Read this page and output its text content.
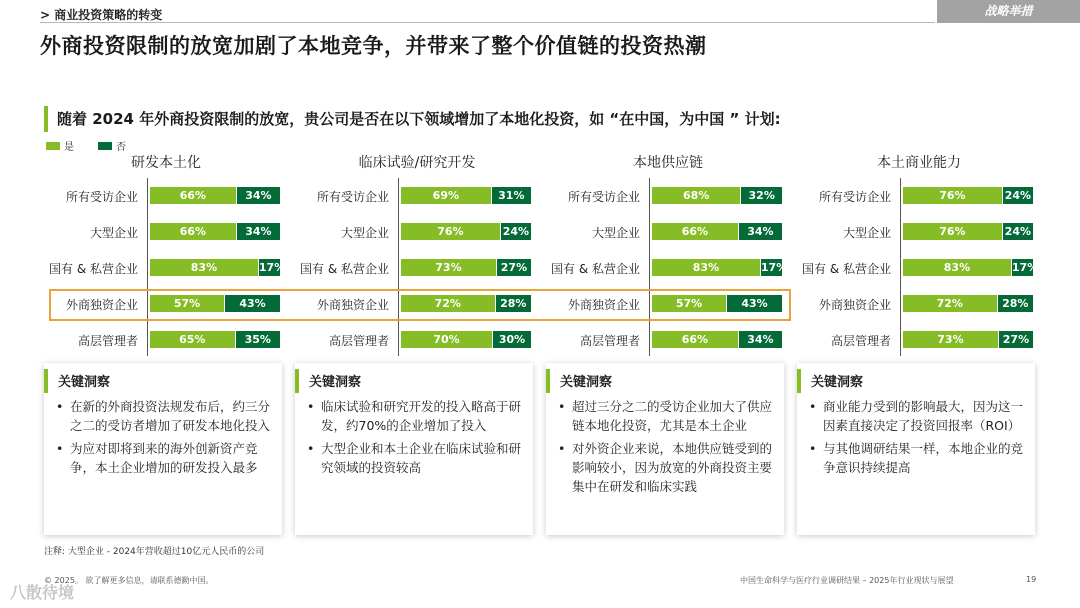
> 商业投资策略的转变	战略举措
外商投资限制的放宽加剧了本地竞争，并带来了整个价值链的投资热潮
随着 2024 年外商投资限制的放宽，贵公司是否在以下领域增加了本地化投资，如 “在中国，为中国 ” 计划:
是	否
研发本土化
所有受访企业	66%	34%
大型企业	66%	34%
国有 & 私营企业	83%	17%
外商独资企业	57%	43%
高层管理者	65%	35%
临床试验/研究开发
所有受访企业	69%	31%
大型企业	76%	24%
国有 & 私营企业	73%	27%
外商独资企业	72%	28%
高层管理者	70%	30%
本地供应链
所有受访企业	68%	32%
大型企业	66%	34%
国有 & 私营企业	83%	17%
外商独资企业	57%	43%
高层管理者	66%	34%
本土商业能力
所有受访企业	76%	24%
大型企业	76%	24%
国有 & 私营企业	83%	17%
外商独资企业	72%	28%
高层管理者	73%	27%
关键洞察
• 在新的外商投资法规发布后，约三分之二的受访者增加了研发本地化投入
• 为应对即将到来的海外创新资产竞争，本土企业增加的研发投入最多
关键洞察
• 临床试验和研究开发的投入略高于研发，约70%的企业增加了投入
• 大型企业和本土企业在临床试验和研究领域的投资较高
关键洞察
• 超过三分之二的受访企业加大了供应链本地化投资，尤其是本土企业
• 对外资企业来说，本地供应链受到的影响较小，因为放宽的外商投资主要集中在研发和临床实践
关键洞察
• 商业能力受到的影响最大，因为这一因素直接决定了投资回报率（ROI）
• 与其他调研结果一样，本地企业的竞争意识持续提高
注释: 大型企业 - 2024年营收超过10亿元人民币的公司
© 2025。 欲了解更多信息，请联系德勤中国。	中国生命科学与医疗行业调研结果 – 2025年行业现状与展望	19
八散待境
